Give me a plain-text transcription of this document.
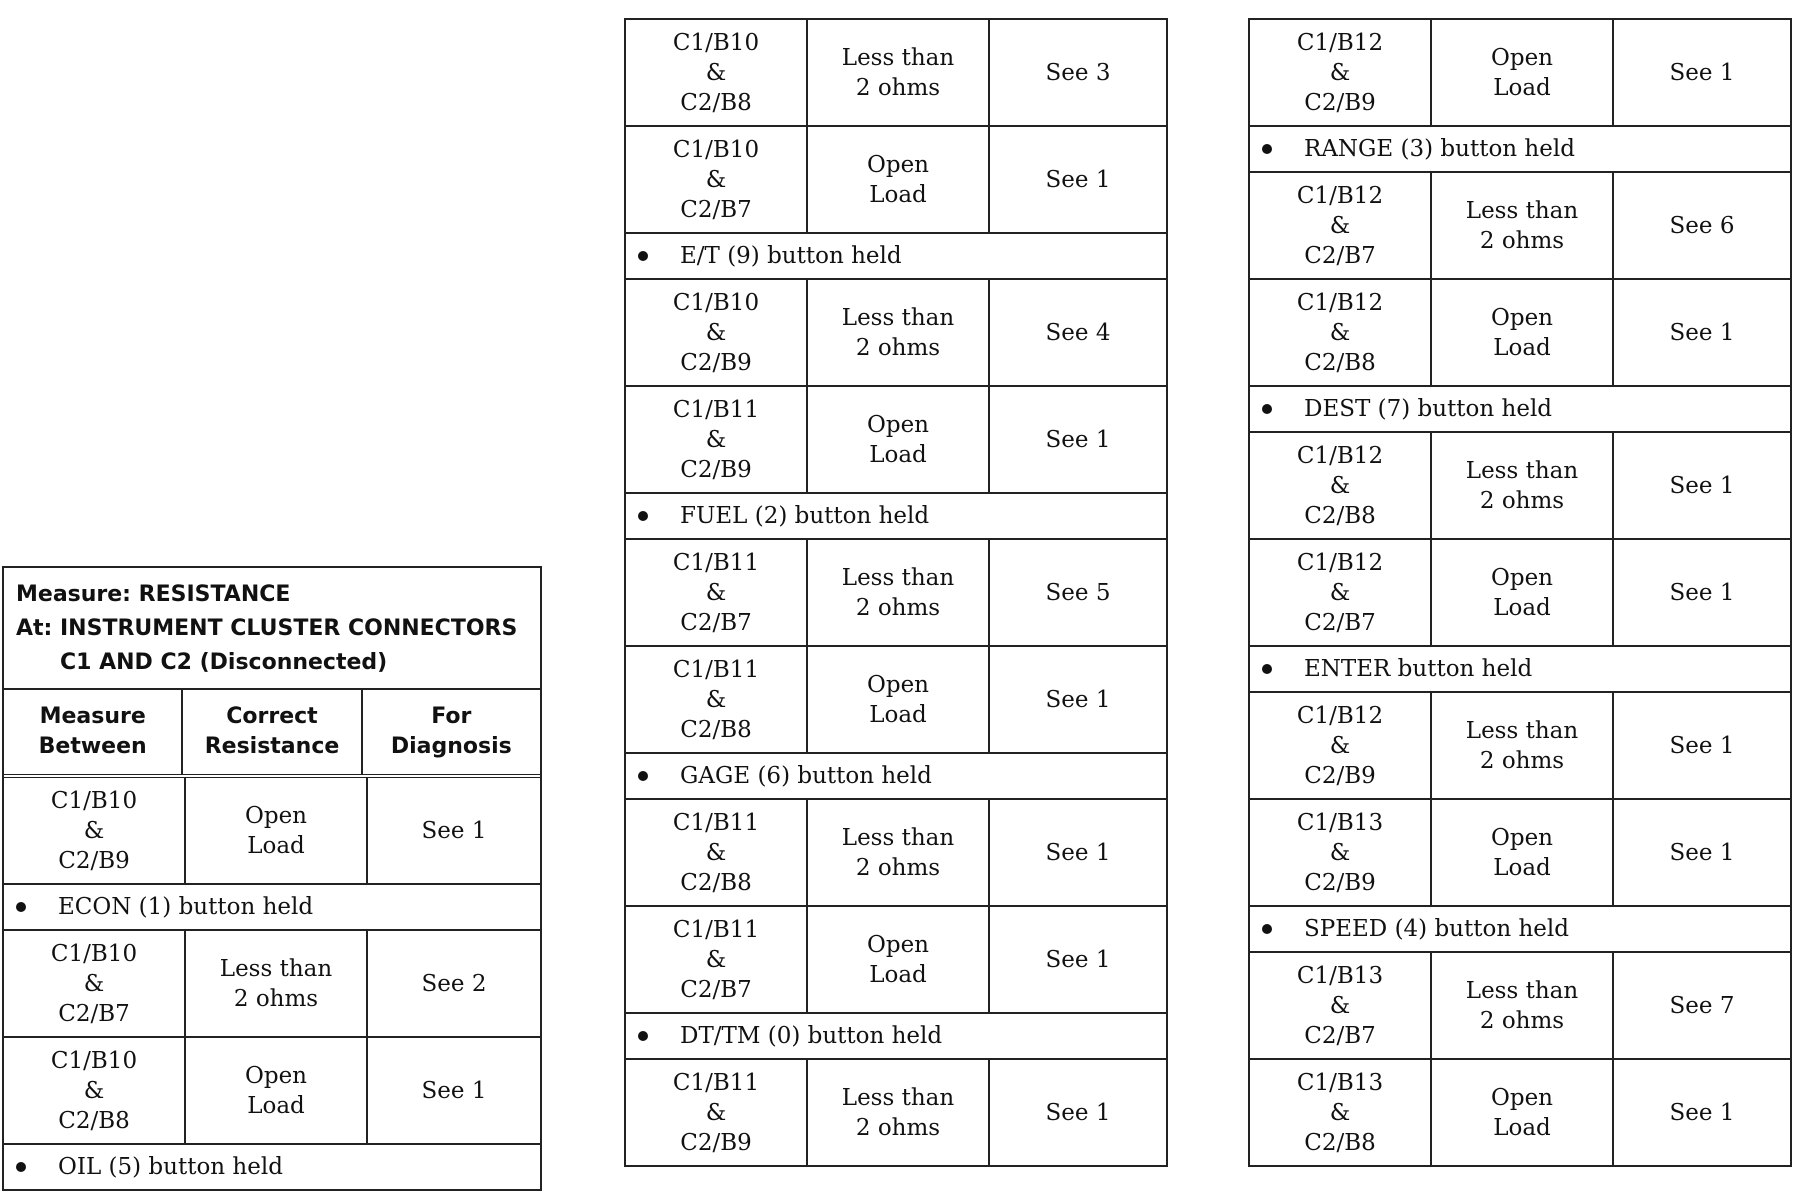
Measure: RESISTANCE
At: INSTRUMENT CLUSTER CONNECTORS
C1 AND C2 (Disconnected)
Measure
Between
Correct
Resistance
For
Diagnosis
C1/B10
&
C2/B9
Open
Load
See 1
ECON (1) button held
C1/B10
&
C2/B7
Less than
2 ohms
See 2
C1/B10
&
C2/B8
Open
Load
See 1
OIL (5) button held
C1/B10
&
C2/B8
Less than
2 ohms
See 3
C1/B10
&
C2/B7
Open
Load
See 1
E/T (9) button held
C1/B10
&
C2/B9
Less than
2 ohms
See 4
C1/B11
&
C2/B9
Open
Load
See 1
FUEL (2) button held
C1/B11
&
C2/B7
Less than
2 ohms
See 5
C1/B11
&
C2/B8
Open
Load
See 1
GAGE (6) button held
C1/B11
&
C2/B8
Less than
2 ohms
See 1
C1/B11
&
C2/B7
Open
Load
See 1
DT/TM (0) button held
C1/B11
&
C2/B9
Less than
2 ohms
See 1
C1/B12
&
C2/B9
Open
Load
See 1
RANGE (3) button held
C1/B12
&
C2/B7
Less than
2 ohms
See 6
C1/B12
&
C2/B8
Open
Load
See 1
DEST (7) button held
C1/B12
&
C2/B8
Less than
2 ohms
See 1
C1/B12
&
C2/B7
Open
Load
See 1
ENTER button held
C1/B12
&
C2/B9
Less than
2 ohms
See 1
C1/B13
&
C2/B9
Open
Load
See 1
SPEED (4) button held
C1/B13
&
C2/B7
Less than
2 ohms
See 7
C1/B13
&
C2/B8
Open
Load
See 1
